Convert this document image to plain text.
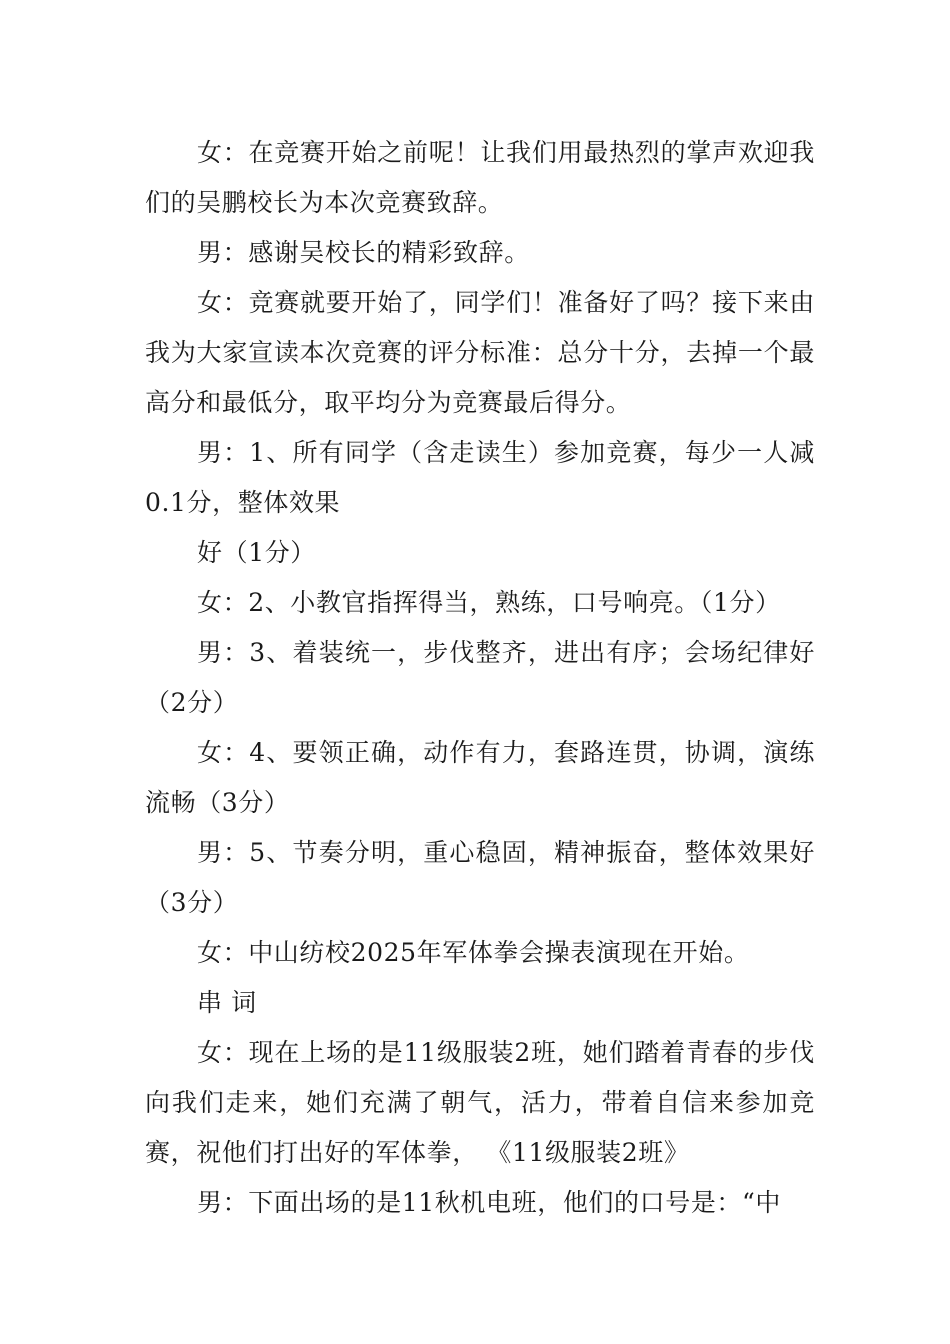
女：在竞赛开始之前呢！让我们用最热烈的掌声欢迎我们的吴鹏校长为本次竞赛致辞。

男：感谢吴校长的精彩致辞。

女：竞赛就要开始了，同学们！准备好了吗？接下来由我为大家宣读本次竞赛的评分标准：总分十分，去掉一个最高分和最低分，取平均分为竞赛最后得分。

男：1、所有同学（含走读生）参加竞赛，每少一人减0.1分，整体效果

好（1分）

女：2、小教官指挥得当，熟练，口号响亮。（1分）

男：3、着装统一，步伐整齐，进出有序；会场纪律好（2分）

女：4、要领正确，动作有力，套路连贯，协调，演练流畅（3分）

男：5、节奏分明，重心稳固，精神振奋，整体效果好（3分）

女：中山纺校2025年军体拳会操表演现在开始。

串 词

女：现在上场的是11级服装2班，她们踏着青春的步伐向我们走来，她们充满了朝气，活力，带着自信来参加竞赛，祝他们打出好的军体拳， 《11级服装2班》

男：下面出场的是11秋机电班，他们的口号是：“中
